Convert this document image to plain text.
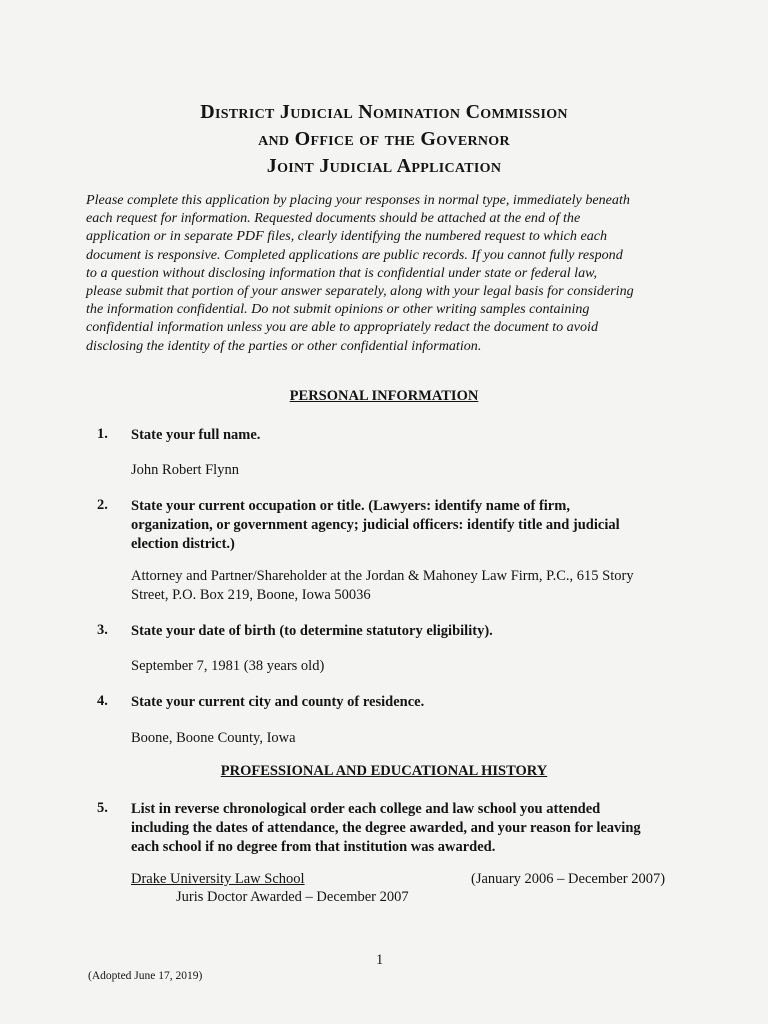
District Judicial Nomination Commission
and Office of the Governor
Joint Judicial Application
Please complete this application by placing your responses in normal type, immediately beneath
each request for information. Requested documents should be attached at the end of the
application or in separate PDF files, clearly identifying the numbered request to which each
document is responsive. Completed applications are public records. If you cannot fully respond
to a question without disclosing information that is confidential under state or federal law,
please submit that portion of your answer separately, along with your legal basis for considering
the information confidential. Do not submit opinions or other writing samples containing
confidential information unless you are able to appropriately redact the document to avoid
disclosing the identity of the parties or other confidential information.
PERSONAL INFORMATION
1. State your full name.
John Robert Flynn
2. State your current occupation or title. (Lawyers: identify name of firm,
organization, or government agency; judicial officers: identify title and judicial
election district.)
Attorney and Partner/Shareholder at the Jordan & Mahoney Law Firm, P.C., 615 Story
Street, P.O. Box 219, Boone, Iowa 50036
3. State your date of birth (to determine statutory eligibility).
September 7, 1981 (38 years old)
4. State your current city and county of residence.
Boone, Boone County, Iowa
PROFESSIONAL AND EDUCATIONAL HISTORY
5. List in reverse chronological order each college and law school you attended
including the dates of attendance, the degree awarded, and your reason for leaving
each school if no degree from that institution was awarded.
Drake University Law School	(January 2006 – December 2007)
Juris Doctor Awarded – December 2007
1
(Adopted June 17, 2019)
